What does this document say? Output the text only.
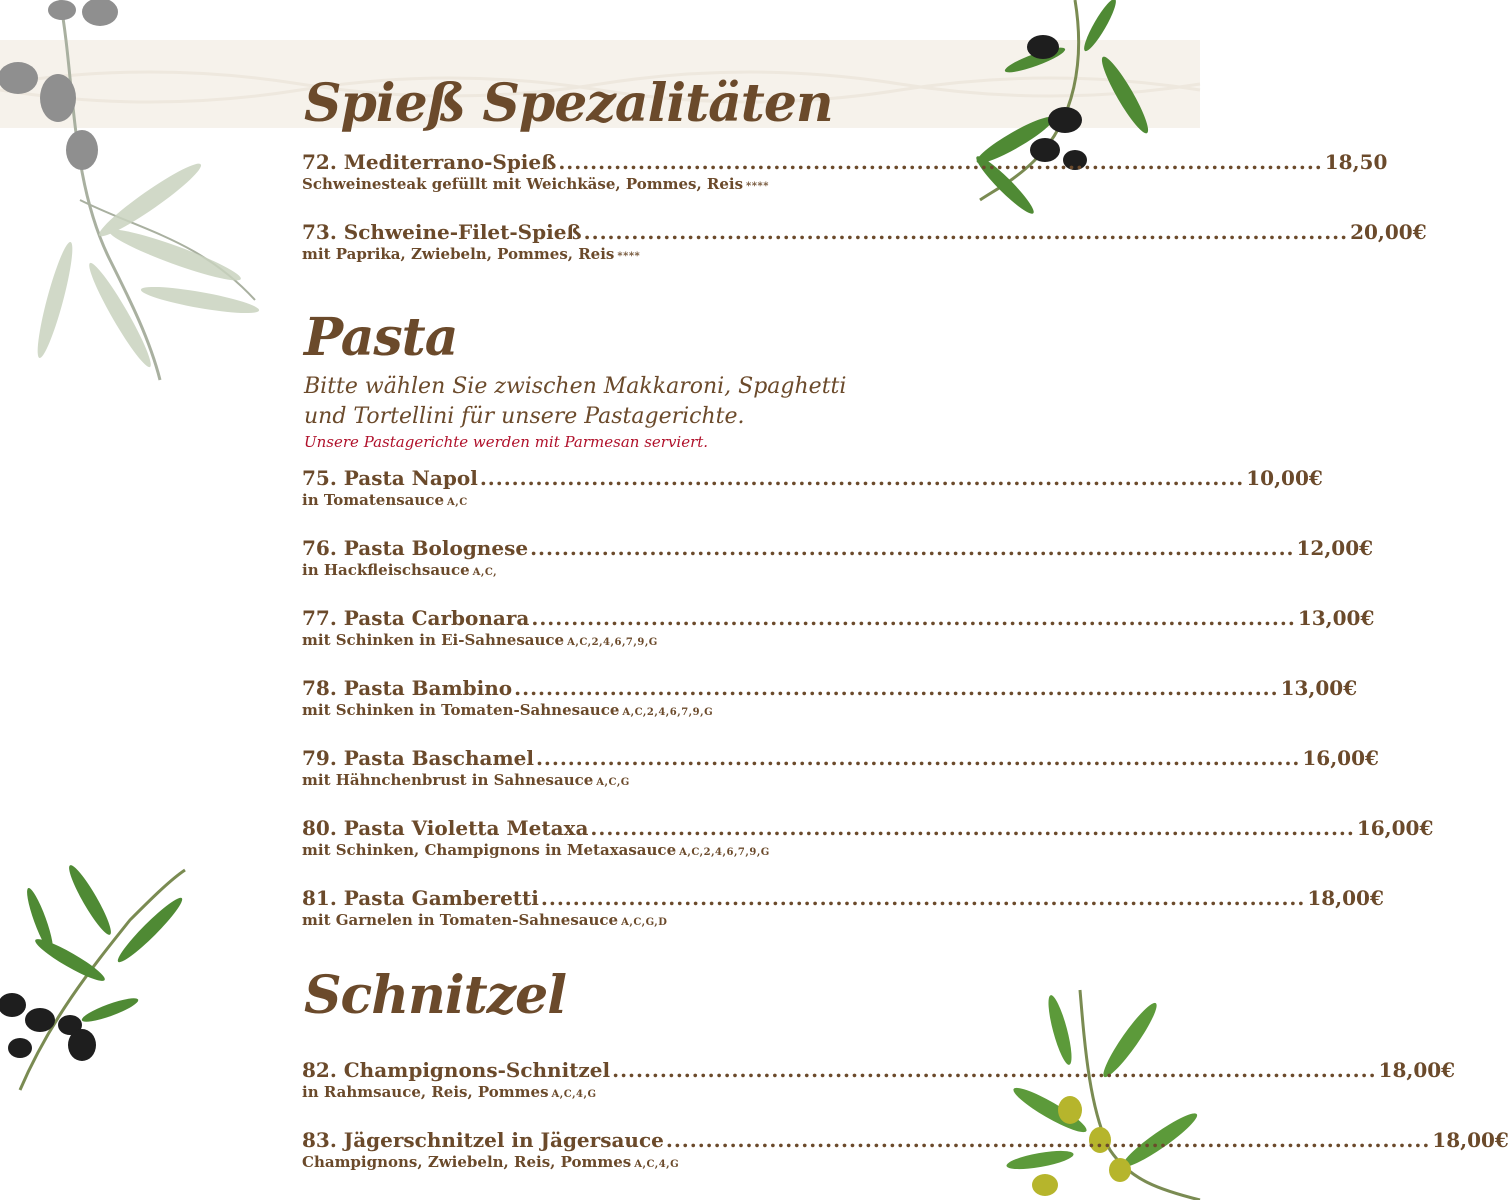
Spieß Spezalitäten
72. Mediterrano-Spieß ................................................................................................ 18,50
Schweinesteak gefüllt mit Weichkäse, Pommes, Reis ****
73. Schweine-Filet-Spieß ................................................................................................ 20,00€
mit Paprika, Zwiebeln, Pommes, Reis ****
Pasta
Bitte wählen Sie zwischen Makkaroni, Spaghetti und Tortellini für unsere Pastagerichte.
Unsere Pastagerichte werden mit Parmesan serviert.
75. Pasta Napol ................................................................................................ 10,00€
in Tomatensauce A,C
76. Pasta Bolognese ................................................................................................ 12,00€
in Hackfleischsauce A,C,
77. Pasta Carbonara ................................................................................................ 13,00€
mit Schinken in Ei-Sahnesauce A,C,2,4,6,7,9,G
78. Pasta Bambino ................................................................................................ 13,00€
mit Schinken in Tomaten-Sahnesauce A,C,2,4,6,7,9,G
79. Pasta Baschamel ................................................................................................ 16,00€
mit Hähnchenbrust in Sahnesauce A,C,G
80. Pasta Violetta Metaxa ................................................................................................ 16,00€
mit Schinken, Champignons in Metaxasauce A,C,2,4,6,7,9,G
81. Pasta Gamberetti ................................................................................................ 18,00€
mit Garnelen in Tomaten-Sahnesauce A,C,G,D
Schnitzel
82. Champignons-Schnitzel ................................................................................................ 18,00€
in Rahmsauce, Reis, Pommes A,C,4,G
83. Jägerschnitzel in Jägersauce ................................................................................................ 18,00€
Champignons, Zwiebeln, Reis, Pommes A,C,4,G
